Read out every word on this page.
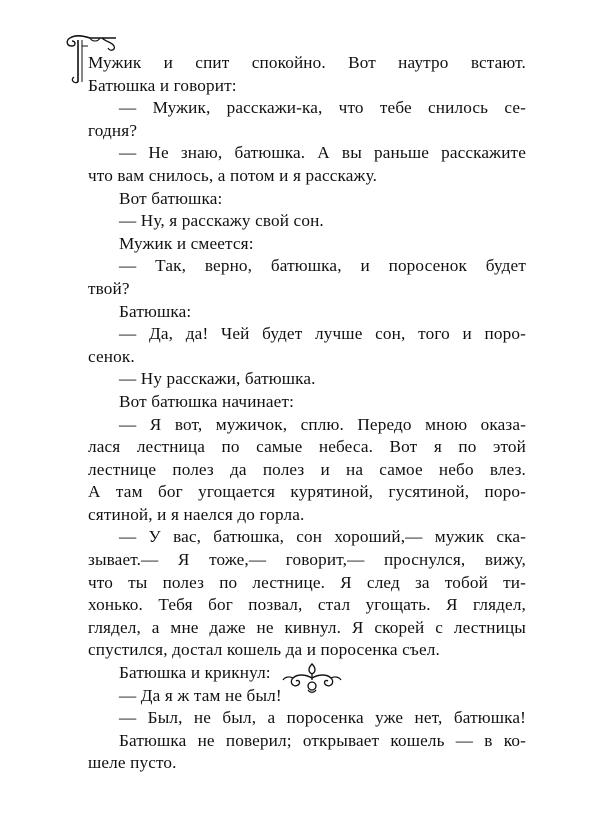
Мужик и спит спокойно. Вот наутро встают.
Батюшка и говорит:
— Мужик, расскажи-ка, что тебе снилось се-
годня?
— Не знаю, батюшка. А вы раньше расскажите
что вам снилось, а потом и я расскажу.
Вот батюшка:
— Ну, я расскажу свой сон.
Мужик и смеется:
— Так, верно, батюшка, и поросенок будет
твой?
Батюшка:
— Да, да! Чей будет лучше сон, того и поро-
сенок.
— Ну расскажи, батюшка.
Вот батюшка начинает:
— Я вот, мужичок, сплю. Передо мною оказа-
лася лестница по самые небеса. Вот я по этой
лестнице полез да полез и на самое небо влез.
А там бог угощается курятиной, гусятиной, поро-
сятиной, и я наелся до горла.
— У вас, батюшка, сон хороший,— мужик ска-
зывает.— Я тоже,— говорит,— проснулся, вижу,
что ты полез по лестнице. Я след за тобой ти-
хонько. Тебя бог позвал, стал угощать. Я глядел,
глядел, а мне даже не кивнул. Я скорей с лестницы
спустился, достал кошель да и поросенка съел.
Батюшка и крикнул:
— Да я ж там не был!
— Был, не был, а поросенка уже нет, батюшка!
Батюшка не поверил; открывает кошель — в ко-
шеле пусто.
